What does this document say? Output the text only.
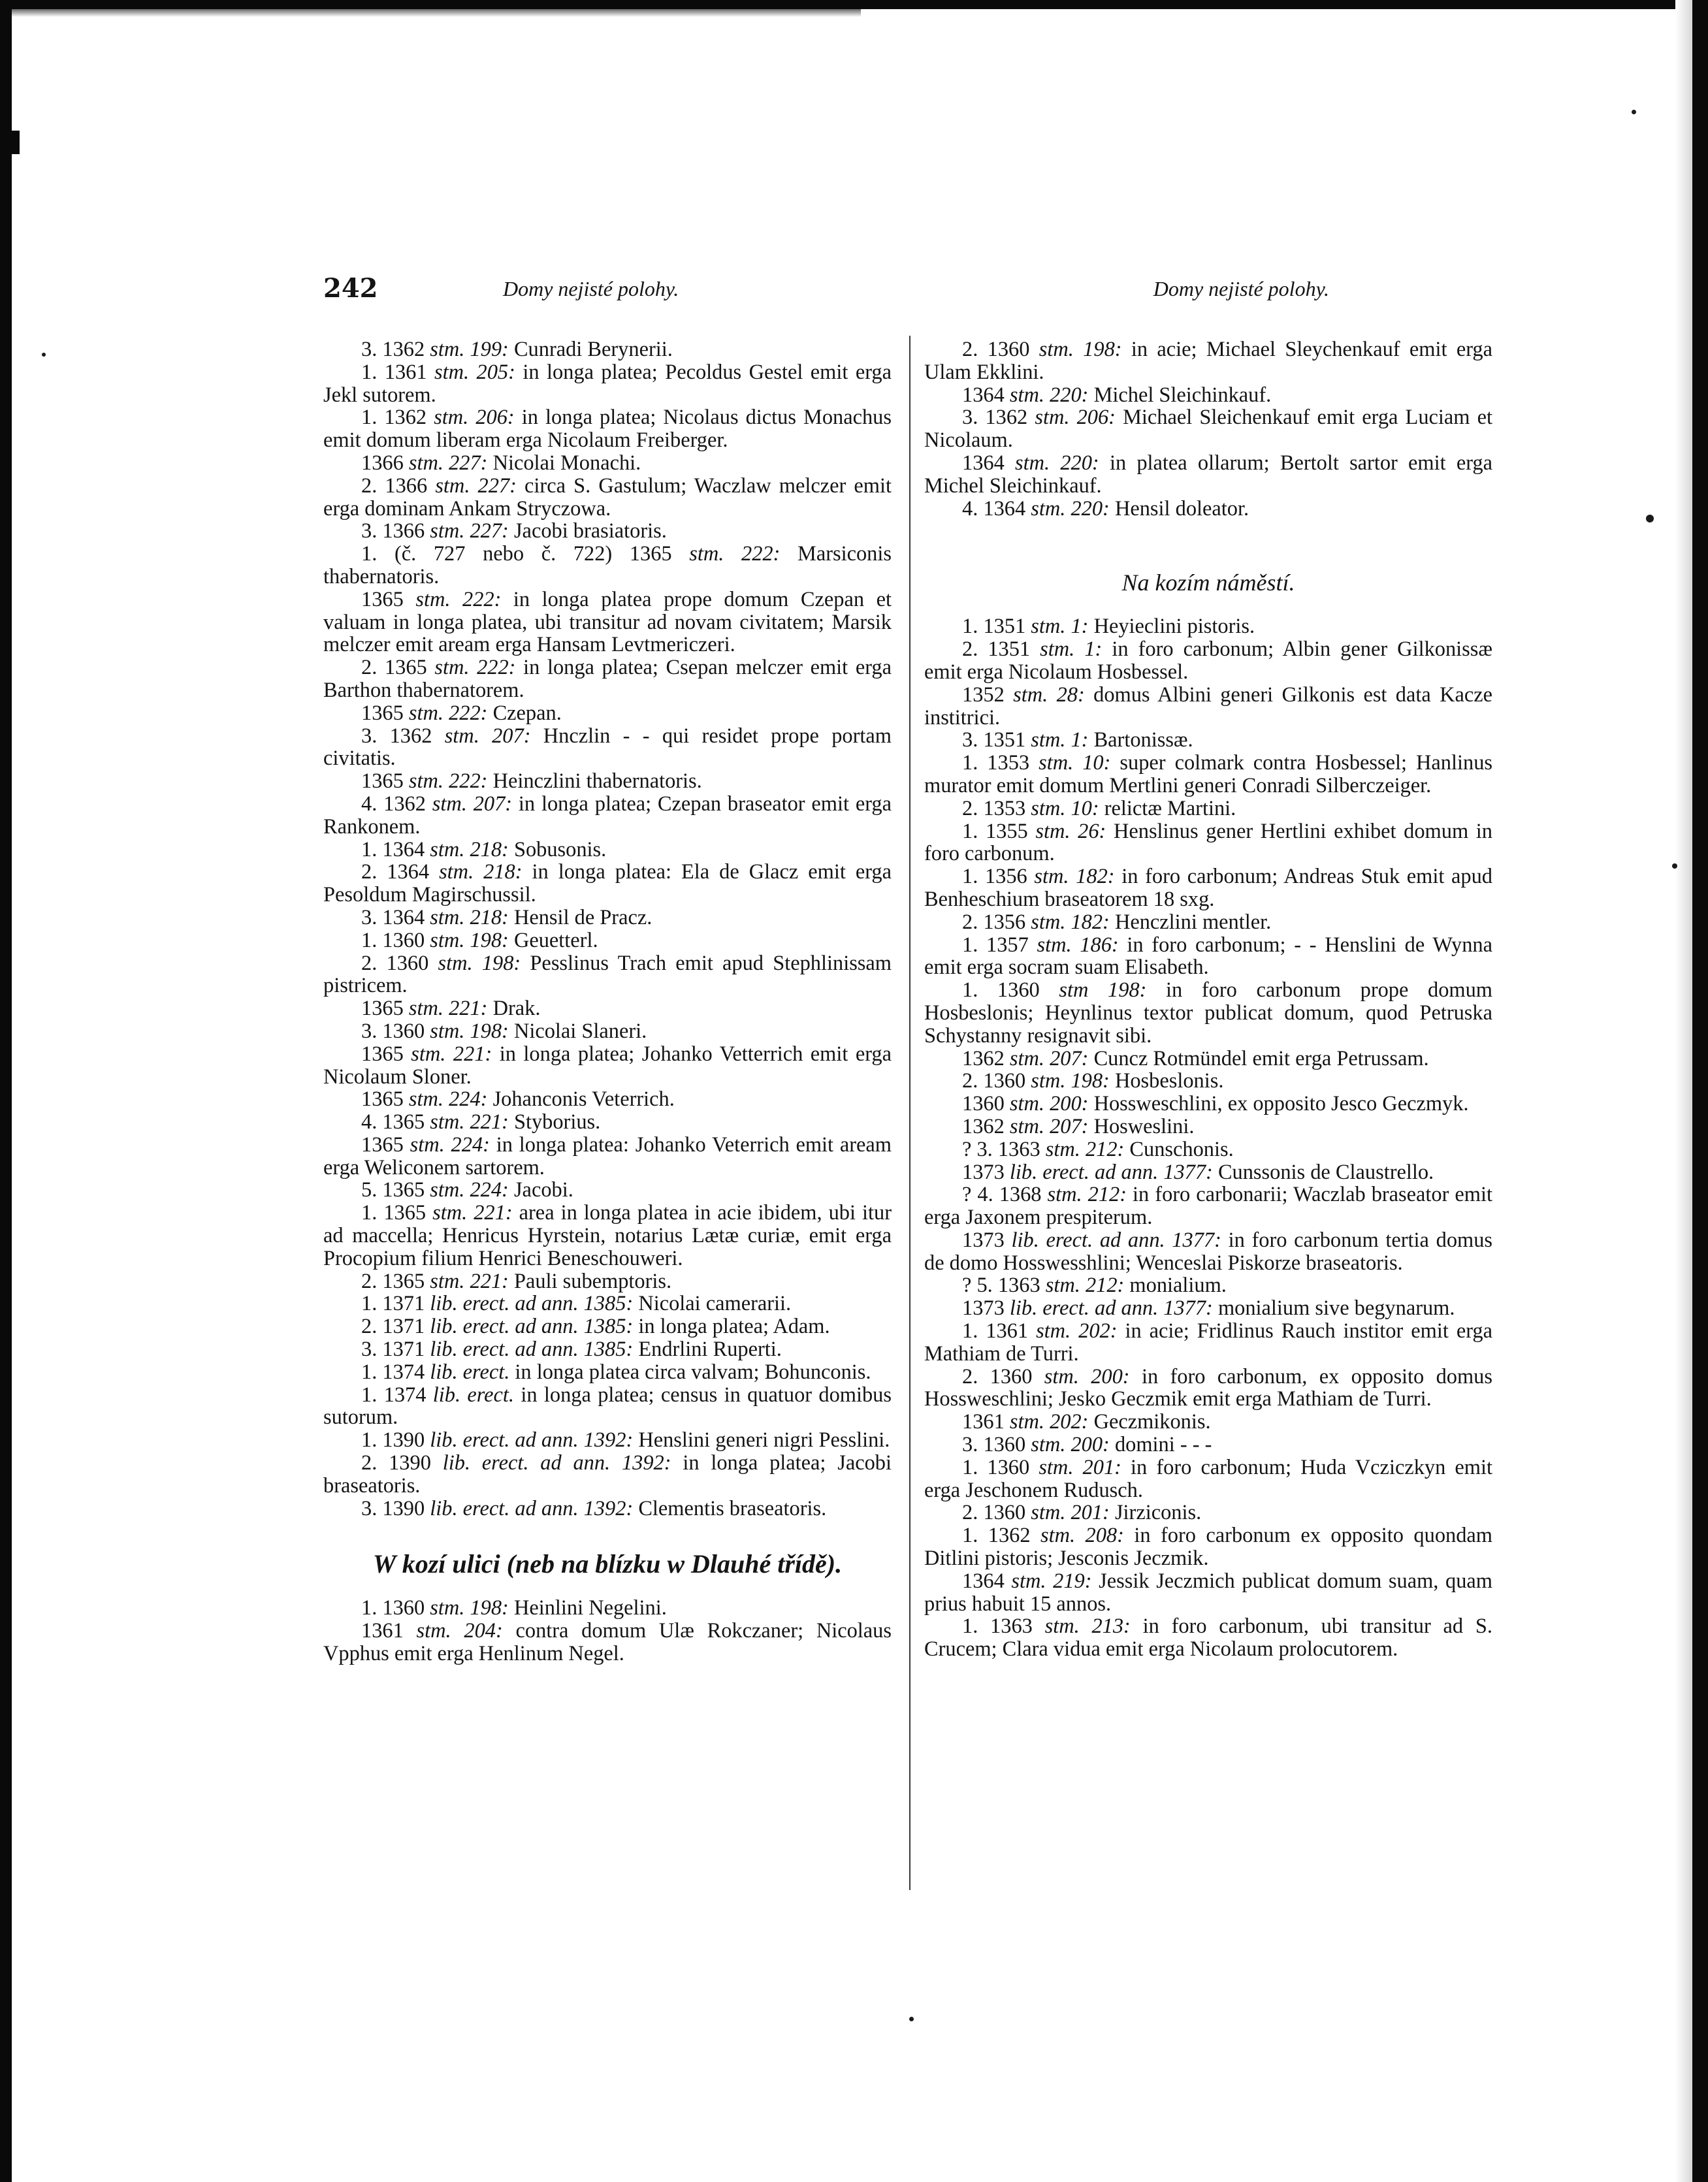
242	Domy nejisté polohy.	Domy nejisté polohy.

3. 1362 stm. 199: Cunradi Berynerii.

1. 1361 stm. 205: in longa platea; Pecoldus Gestel emit erga Jekl sutorem.

1. 1362 stm. 206: in longa platea; Nicolaus dictus Monachus emit domum liberam erga Nicolaum Freiberger.

1366 stm. 227: Nicolai Monachi.

2. 1366 stm. 227: circa S. Gastulum; Waczlaw melczer emit erga dominam Ankam Stryczowa.

3. 1366 stm. 227: Jacobi brasiatoris.

1. (č. 727 nebo č. 722) 1365 stm. 222: Marsiconis thabernatoris.

1365 stm. 222: in longa platea prope domum Czepan et valuam in longa platea, ubi transitur ad novam civitatem; Marsik melczer emit aream erga Hansam Levtmericzeri.

2. 1365 stm. 222: in longa platea; Csepan melczer emit erga Barthon thabernatorem.

1365 stm. 222: Czepan.

3. 1362 stm. 207: Hnczlin - - qui residet prope portam civitatis.

1365 stm. 222: Heinczlini thabernatoris.

4. 1362 stm. 207: in longa platea; Czepan braseator emit erga Rankonem.

1. 1364 stm. 218: Sobusonis.

2. 1364 stm. 218: in longa platea: Ela de Glacz emit erga Pesoldum Magirschussil.

3. 1364 stm. 218: Hensil de Pracz.

1. 1360 stm. 198: Geuetterl.

2. 1360 stm. 198: Pesslinus Trach emit apud Stephlinissam pistricem.

1365 stm. 221: Drak.

3. 1360 stm. 198: Nicolai Slaneri.

1365 stm. 221: in longa platea; Johanko Vetterrich emit erga Nicolaum Sloner.

1365 stm. 224: Johanconis Veterrich.

4. 1365 stm. 221: Styborius.

1365 stm. 224: in longa platea: Johanko Veterrich emit aream erga Weliconem sartorem.

5. 1365 stm. 224: Jacobi.

1. 1365 stm. 221: area in longa platea in acie ibidem, ubi itur ad maccella; Henricus Hyrstein, notarius Lætæ curiæ, emit erga Procopium filium Henrici Beneschouweri.

2. 1365 stm. 221: Pauli subemptoris.

1. 1371 lib. erect. ad ann. 1385: Nicolai camerarii.

2. 1371 lib. erect. ad ann. 1385: in longa platea; Adam.

3. 1371 lib. erect. ad ann. 1385: Endrlini Ruperti.

1. 1374 lib. erect. in longa platea circa valvam; Bohunconis.

1. 1374 lib. erect. in longa platea; census in quatuor domibus sutorum.

1. 1390 lib. erect. ad ann. 1392: Henslini generi nigri Pesslini.

2. 1390 lib. erect. ad ann. 1392: in longa platea; Jacobi braseatoris.

3. 1390 lib. erect. ad ann. 1392: Clementis braseatoris.

W kozí ulici (neb na blízku w Dlauhé třídě).

1. 1360 stm. 198: Heinlini Negelini.

1361 stm. 204: contra domum Ulæ Rokczaner; Nicolaus Vpphus emit erga Henlinum Negel.

2. 1360 stm. 198: in acie; Michael Sleychenkauf emit erga Ulam Ekklini.

1364 stm. 220: Michel Sleichinkauf.

3. 1362 stm. 206: Michael Sleichenkauf emit erga Luciam et Nicolaum.

1364 stm. 220: in platea ollarum; Bertolt sartor emit erga Michel Sleichinkauf.

4. 1364 stm. 220: Hensil doleator.

Na kozím náměstí.

1. 1351 stm. 1: Heyieclini pistoris.

2. 1351 stm. 1: in foro carbonum; Albin gener Gilkonissæ emit erga Nicolaum Hosbessel.

1352 stm. 28: domus Albini generi Gilkonis est data Kacze institrici.

3. 1351 stm. 1: Bartonissæ.

1. 1353 stm. 10: super colmark contra Hosbessel; Hanlinus murator emit domum Mertlini generi Conradi Silberczeiger.

2. 1353 stm. 10: relictæ Martini.

1. 1355 stm. 26: Henslinus gener Hertlini exhibet domum in foro carbonum.

1. 1356 stm. 182: in foro carbonum; Andreas Stuk emit apud Benheschium braseatorem 18 sxg.

2. 1356 stm. 182: Henczlini mentler.

1. 1357 stm. 186: in foro carbonum; - - Henslini de Wynna emit erga socram suam Elisabeth.

1. 1360 stm 198: in foro carbonum prope domum Hosbeslonis; Heynlinus textor publicat domum, quod Petruska Schystanny resignavit sibi.

1362 stm. 207: Cuncz Rotmündel emit erga Petrussam.

2. 1360 stm. 198: Hosbeslonis.

1360 stm. 200: Hossweschlini, ex opposito Jesco Geczmyk.

1362 stm. 207: Hosweslini.

? 3. 1363 stm. 212: Cunschonis.

1373 lib. erect. ad ann. 1377: Cunssonis de Claustrello.

? 4. 1368 stm. 212: in foro carbonarii; Waczlab braseator emit erga Jaxonem prespiterum.

1373 lib. erect. ad ann. 1377: in foro carbonum tertia domus de domo Hosswesshlini; Wenceslai Piskorze braseatoris.

? 5. 1363 stm. 212: monialium.

1373 lib. erect. ad ann. 1377: monialium sive begynarum.

1. 1361 stm. 202: in acie; Fridlinus Rauch institor emit erga Mathiam de Turri.

2. 1360 stm. 200: in foro carbonum, ex opposito domus Hossweschlini; Jesko Geczmik emit erga Mathiam de Turri.

1361 stm. 202: Geczmikonis.

3. 1360 stm. 200: domini - - -

1. 1360 stm. 201: in foro carbonum; Huda Vcziczkyn emit erga Jeschonem Rudusch.

2. 1360 stm. 201: Jirziconis.

1. 1362 stm. 208: in foro carbonum ex opposito quondam Ditlini pistoris; Jesconis Jeczmik.

1364 stm. 219: Jessik Jeczmich publicat domum suam, quam prius habuit 15 annos.

1. 1363 stm. 213: in foro carbonum, ubi transitur ad S. Crucem; Clara vidua emit erga Nicolaum prolocutorem.
